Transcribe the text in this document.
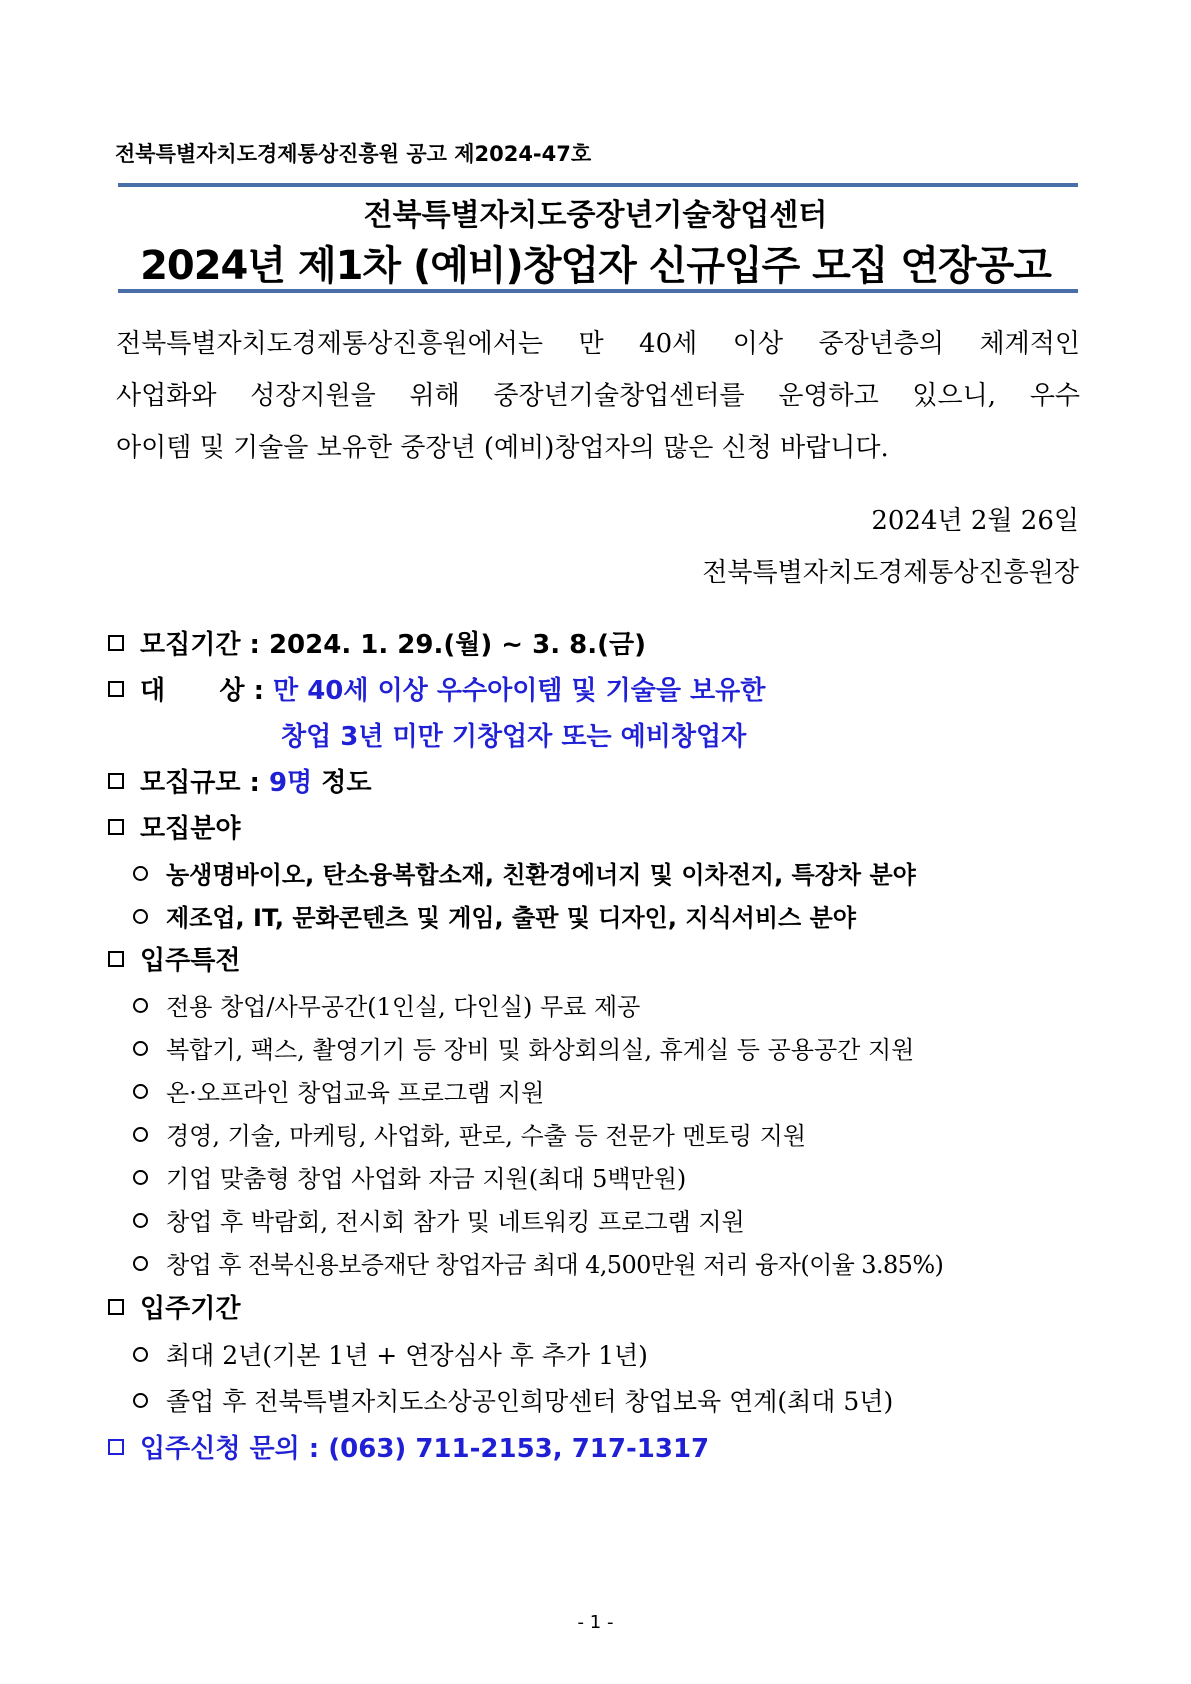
전북특별자치도경제통상진흥원 공고 제2024-47호
전북특별자치도중장년기술창업센터
2024년 제1차 (예비)창업자 신규입주 모집 연장공고
전북특별자치도경제통상진흥원에서는 만 40세 이상 중장년층의 체계적인
사업화와 성장지원을 위해 중장년기술창업센터를 운영하고 있으니, 우수
아이템 및 기술을 보유한 중장년 (예비)창업자의 많은 신청 바랍니다.
2024년 2월 26일
전북특별자치도경제통상진흥원장
모집기간 : 2024. 1. 29.(월) ~ 3. 8.(금)
대      상 : 만 40세 이상 우수아이템 및 기술을 보유한
창업 3년 미만 기창업자 또는 예비창업자
모집규모 : 9명 정도
모집분야
농생명바이오, 탄소융복합소재, 친환경에너지 및 이차전지, 특장차 분야
제조업, IT, 문화콘텐츠 및 게임, 출판 및 디자인, 지식서비스 분야
입주특전
전용 창업/사무공간(1인실, 다인실) 무료 제공
복합기, 팩스, 촬영기기 등 장비 및 화상회의실, 휴게실 등 공용공간 지원
온·오프라인 창업교육 프로그램 지원
경영, 기술, 마케팅, 사업화, 판로, 수출 등 전문가 멘토링 지원
기업 맞춤형 창업 사업화 자금 지원(최대 5백만원)
창업 후 박람회, 전시회 참가 및 네트워킹 프로그램 지원
창업 후 전북신용보증재단 창업자금 최대 4,500만원 저리 융자(이율 3.85%)
입주기간
최대 2년(기본 1년 + 연장심사 후 추가 1년)
졸업 후 전북특별자치도소상공인희망센터 창업보육 연계(최대 5년)
입주신청 문의 : (063) 711-2153, 717-1317
- 1 -
